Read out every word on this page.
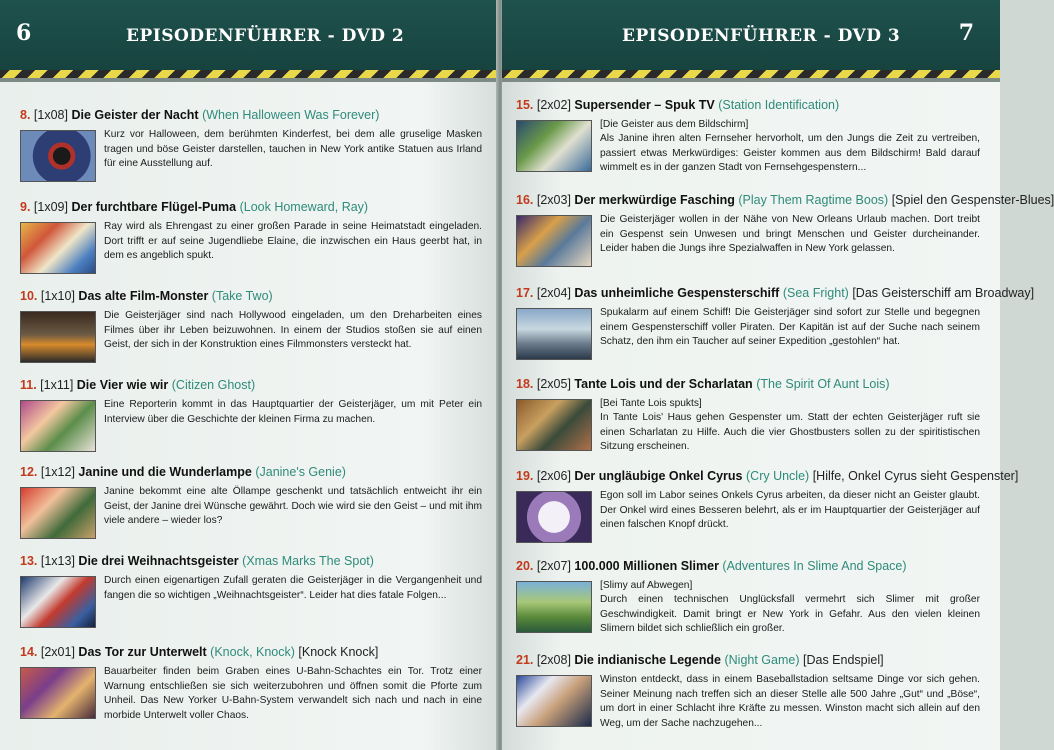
6	EPISODENFÜHRER - DVD 2
8. [1x08] Die Geister der Nacht (When Halloween Was Forever)
Kurz vor Halloween, dem berühmten Kinderfest, bei dem alle gruselige Masken tragen und böse Geister darstellen, tauchen in New York antike Statuen aus Irland für eine Ausstellung auf.
9. [1x09] Der furchtbare Flügel-Puma (Look Homeward, Ray)
Ray wird als Ehrengast zu einer großen Parade in seine Heimatstadt eingeladen. Dort trifft er auf seine Jugendliebe Elaine, die inzwischen ein Haus geerbt hat, in dem es angeblich spukt.
10. [1x10] Das alte Film-Monster (Take Two)
Die Geisterjäger sind nach Hollywood eingeladen, um den Dreharbeiten eines Filmes über ihr Leben beizuwohnen. In einem der Studios stoßen sie auf einen Geist, der sich in der Konstruktion eines Filmmonsters versteckt hat.
11. [1x11] Die Vier wie wir (Citizen Ghost)
Eine Reporterin kommt in das Hauptquartier der Geisterjäger, um mit Peter ein Interview über die Geschichte der kleinen Firma zu machen.
12. [1x12] Janine und die Wunderlampe (Janine's Genie)
Janine bekommt eine alte Öllampe geschenkt und tatsächlich entweicht ihr ein Geist, der Janine drei Wünsche gewährt. Doch wie wird sie den Geist – und mit ihm viele andere – wieder los?
13. [1x13] Die drei Weihnachtsgeister (Xmas Marks The Spot)
Durch einen eigenartigen Zufall geraten die Geisterjäger in die Vergangenheit und fangen die so wichtigen „Weihnachtsgeister“. Leider hat dies fatale Folgen...
14. [2x01] Das Tor zur Unterwelt (Knock, Knock) [Knock Knock]
Bauarbeiter finden beim Graben eines U-Bahn-Schachtes ein Tor. Trotz einer Warnung entschließen sie sich weiterzubohren und öffnen somit die Pforte zum Unheil. Das New Yorker U-Bahn-System verwandelt sich nach und nach in eine morbide Unterwelt voller Chaos.
EPISODENFÜHRER - DVD 3	7
15. [2x02] Supersender – Spuk TV (Station Identification)
[Die Geister aus dem Bildschirm]
Als Janine ihren alten Fernseher hervorholt, um den Jungs die Zeit zu vertreiben, passiert etwas Merkwürdiges: Geister kommen aus dem Bildschirm! Bald darauf wimmelt es in der ganzen Stadt von Fernsehgespenstern...
16. [2x03] Der merkwürdige Fasching (Play Them Ragtime Boos) [Spiel den Gespenster-Blues]
Die Geisterjäger wollen in der Nähe von New Orleans Urlaub machen. Dort treibt ein Gespenst sein Unwesen und bringt Menschen und Geister durcheinander. Leider haben die Jungs ihre Spezialwaffen in New York gelassen.
17. [2x04] Das unheimliche Gespensterschiff (Sea Fright) [Das Geisterschiff am Broadway]
Spukalarm auf einem Schiff! Die Geisterjäger sind sofort zur Stelle und begegnen einem Gespensterschiff voller Piraten. Der Kapitän ist auf der Suche nach seinem Schatz, den ihm ein Taucher auf seiner Expedition „gestohlen“ hat.
18. [2x05] Tante Lois und der Scharlatan (The Spirit Of Aunt Lois)
[Bei Tante Lois spukts]
In Tante Lois' Haus gehen Gespenster um. Statt der echten Geisterjäger ruft sie einen Scharlatan zu Hilfe. Auch die vier Ghostbusters sollen zu der spiritistischen Sitzung erscheinen.
19. [2x06] Der ungläubige Onkel Cyrus (Cry Uncle) [Hilfe, Onkel Cyrus sieht Gespenster]
Egon soll im Labor seines Onkels Cyrus arbeiten, da dieser nicht an Geister glaubt. Der Onkel wird eines Besseren belehrt, als er im Hauptquartier der Geisterjäger auf einen falschen Knopf drückt.
20. [2x07] 100.000 Millionen Slimer (Adventures In Slime And Space)
[Slimy auf Abwegen]
Durch einen technischen Unglücksfall vermehrt sich Slimer mit großer Geschwindigkeit. Damit bringt er New York in Gefahr. Aus den vielen kleinen Slimern bildet sich schließlich ein großer.
21. [2x08] Die indianische Legende (Night Game) [Das Endspiel]
Winston entdeckt, dass in einem Baseballstadion seltsame Dinge vor sich gehen. Seiner Meinung nach treffen sich an dieser Stelle alle 500 Jahre „Gut“ und „Böse“, um dort in einer Schlacht ihre Kräfte zu messen. Winston macht sich allein auf den Weg, um der Sache nachzugehen...
